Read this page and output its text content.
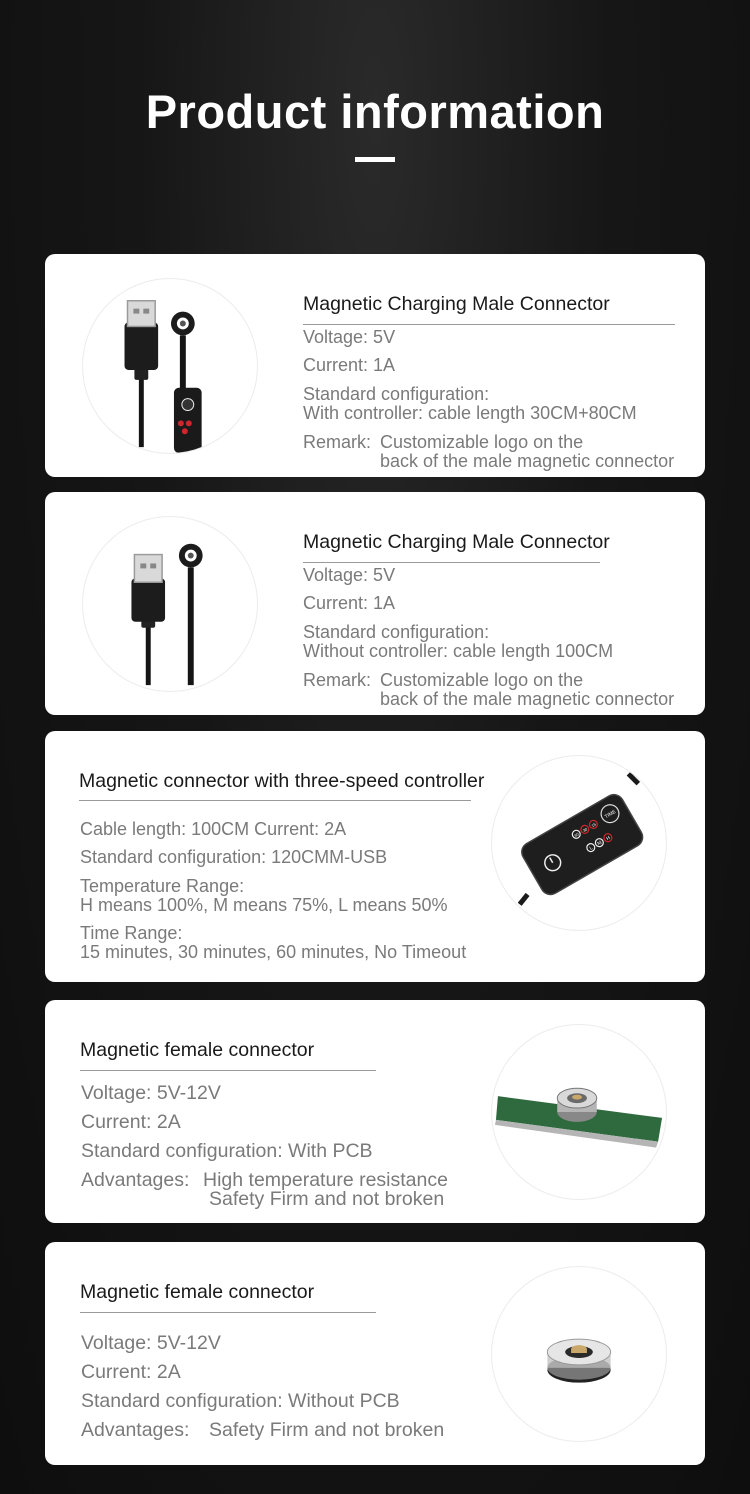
Product information
Magnetic Charging Male Connector
Voltage: 5V
Current: 1A
Standard configuration:
With controller: cable length 30CM+80CM
Remark: Customizable logo on the
back of the male magnetic connector
Magnetic Charging Male Connector
Voltage: 5V
Current: 1A
Standard configuration:
Without controller: cable length 100CM
Remark: Customizable logo on the
back of the male magnetic connector
Magnetic connector with three-speed controller
Cable length: 100CM Current: 2A
Standard configuration: 120CMM-USB
Temperature Range:
H means 100%, M means 75%, L means 50%
Time Range:
15 minutes, 30 minutes, 60 minutes, No Timeout
TIME
15
30
60
L
M
H
Magnetic female connector
Voltage: 5V-12V
Current: 2A
Standard configuration: With PCB
Advantages: High temperature resistance
Safety Firm and not broken
Magnetic female connector
Voltage: 5V-12V
Current: 2A
Standard configuration: Without PCB
Advantages: Safety Firm and not broken
